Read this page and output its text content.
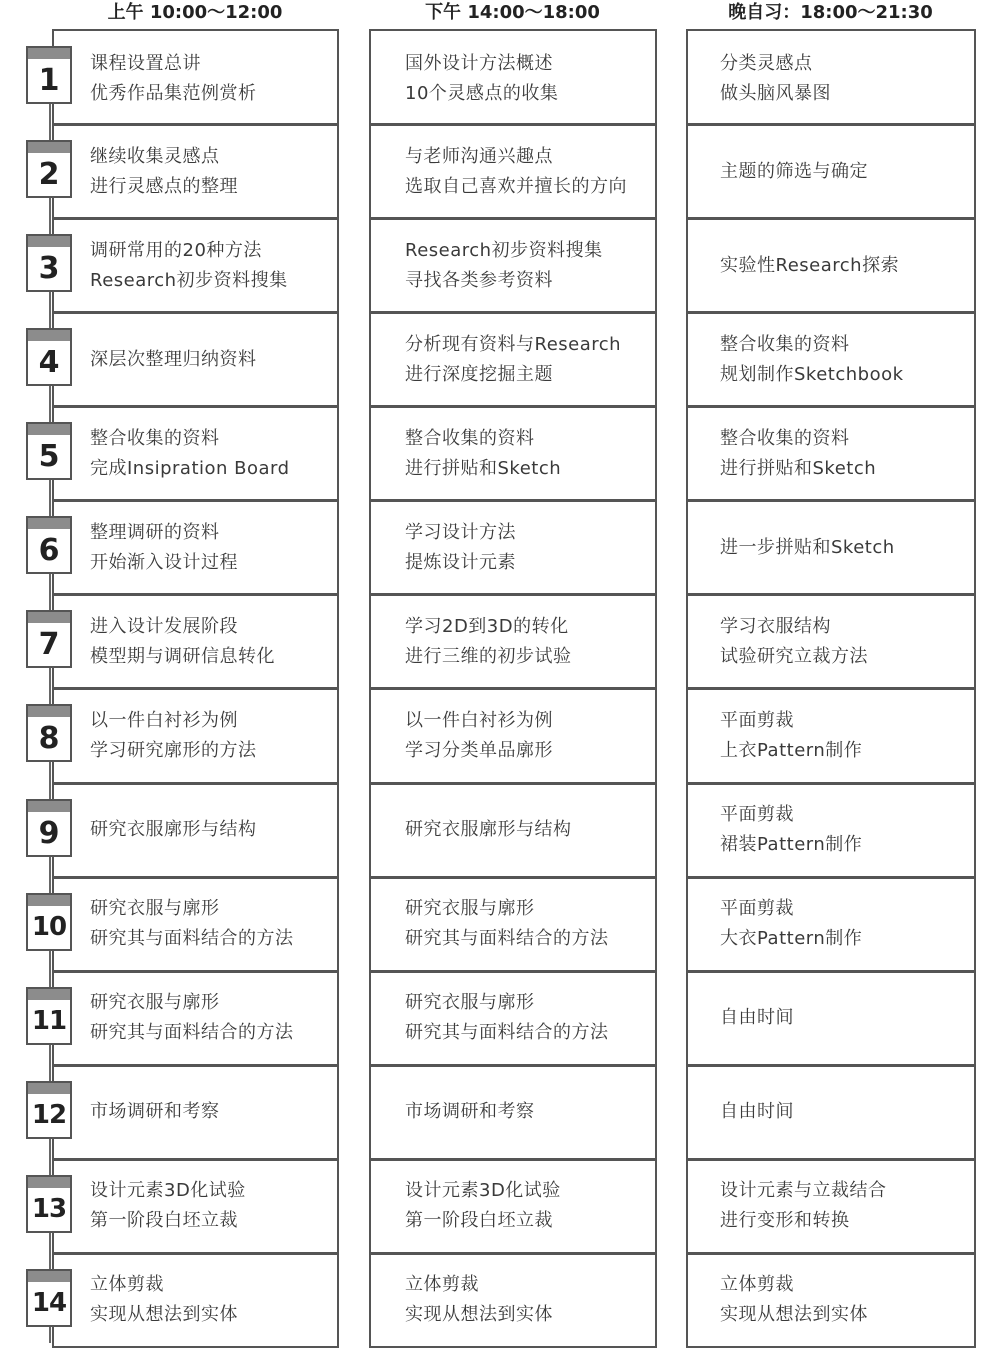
上午 10:00～12:00	下午 14:00～18:00	晚自习：18:00～21:30
课程设置总讲
优秀作品集范例赏析
继续收集灵感点
进行灵感点的整理
调研常用的20种方法
Research初步资料搜集
深层次整理归纳资料
整合收集的资料
完成Insipration Board
整理调研的资料
开始渐入设计过程
进入设计发展阶段
模型期与调研信息转化
以一件白衬衫为例
学习研究廓形的方法
研究衣服廓形与结构
研究衣服与廓形
研究其与面料结合的方法
研究衣服与廓形
研究其与面料结合的方法
市场调研和考察
设计元素3D化试验
第一阶段白坯立裁
立体剪裁
实现从想法到实体
国外设计方法概述
10个灵感点的收集
与老师沟通兴趣点
选取自己喜欢并擅长的方向
Research初步资料搜集
寻找各类参考资料
分析现有资料与Research
进行深度挖掘主题
整合收集的资料
进行拼贴和Sketch
学习设计方法
提炼设计元素
学习2D到3D的转化
进行三维的初步试验
以一件白衬衫为例
学习分类单品廓形
研究衣服廓形与结构
研究衣服与廓形
研究其与面料结合的方法
研究衣服与廓形
研究其与面料结合的方法
市场调研和考察
设计元素3D化试验
第一阶段白坯立裁
立体剪裁
实现从想法到实体
分类灵感点
做头脑风暴图
主题的筛选与确定
实验性Research探索
整合收集的资料
规划制作Sketchbook
整合收集的资料
进行拼贴和Sketch
进一步拼贴和Sketch
学习衣服结构
试验研究立裁方法
平面剪裁
上衣Pattern制作
平面剪裁
裙装Pattern制作
平面剪裁
大衣Pattern制作
自由时间
自由时间
设计元素与立裁结合
进行变形和转换
立体剪裁
实现从想法到实体
1
2
3
4
5
6
7
8
9
10
11
12
13
14
